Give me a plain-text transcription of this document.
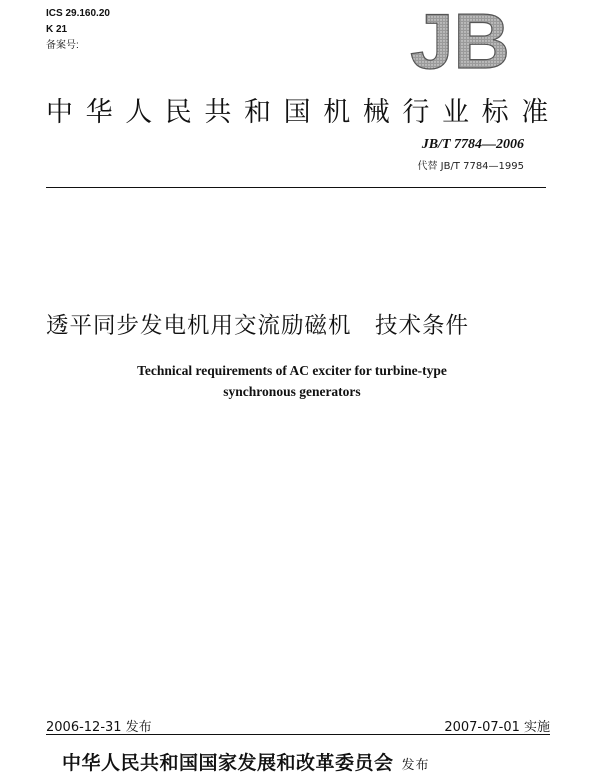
ICS 29.160.20
K 21
备案号:	JB
中华人民共和国机械行业标准
JB/T 7784—2006
代替 JB/T 7784—1995
透平同步发电机用交流励磁机　技术条件
Technical requirements of AC exciter for turbine-type
synchronous generators
2006-12-31 发布	2007-07-01 实施
中华人民共和国国家发展和改革委员会 发布
